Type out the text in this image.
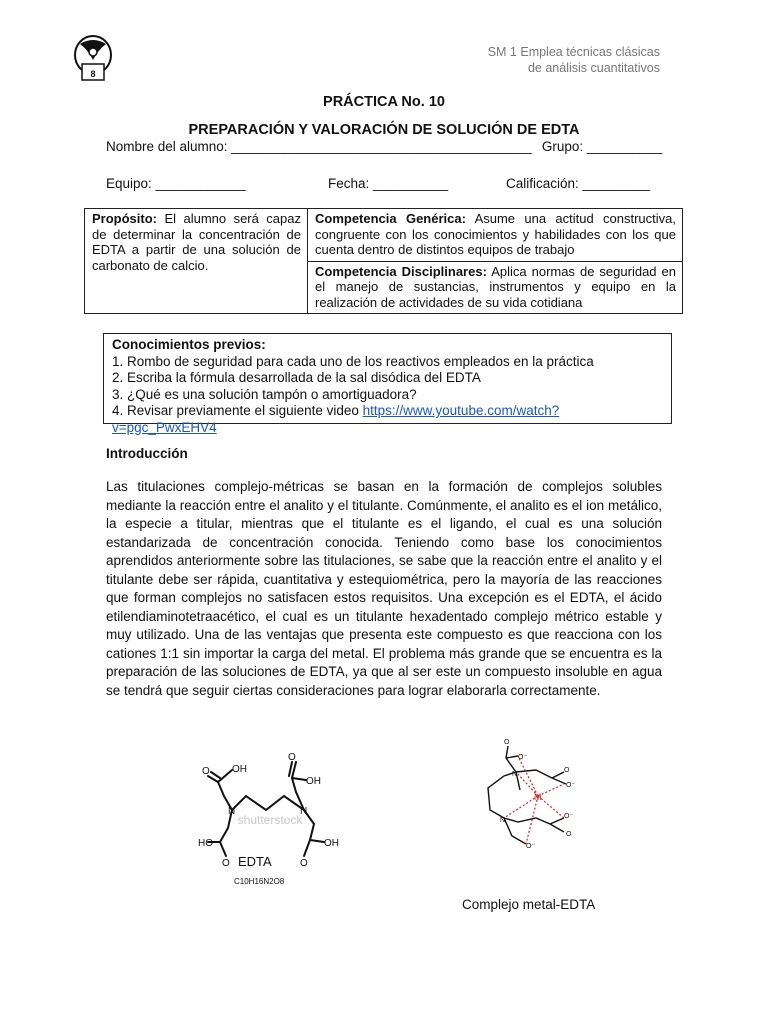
8
SM 1 Emplea técnicas clásicas
de análisis cuantitativos
PRÁCTICA No. 10
PREPARACIÓN Y VALORACIÓN DE SOLUCIÓN DE EDTA
Nombre del alumno: ________________________________________ Grupo: __________
Equipo: ____________	Fecha: __________	Calificación: _________
Propósito: El alumno será capaz de determinar la concentración de EDTA a partir de una solución de carbonato de calcio.	Competencia Genérica: Asume una actitud constructiva, congruente con los conocimientos y habilidades con los que cuenta dentro de distintos equipos de trabajo
Competencia Disciplinares: Aplica normas de seguridad en el manejo de sustancias, instrumentos y equipo en la realización de actividades de su vida cotidiana
Conocimientos previos:
1. Rombo de seguridad para cada uno de los reactivos empleados en la práctica
2. Escriba la fórmula desarrollada de la sal disódica del EDTA
3. ¿Qué es una solución tampón o amortiguadora?
4. Revisar previamente el siguiente video https://www.youtube.com/watch?v=pgc_PwxEHV4
Introducción
Las titulaciones complejo-métricas se basan en la formación de complejos solubles mediante la reacción entre el analito y el titulante. Comúnmente, el analito es el ion metálico, la especie a titular, mientras que el titulante es el ligando, el cual es una solución estandarizada de concentración conocida. Teniendo como base los conocimientos aprendidos anteriormente sobre las titulaciones, se sabe que la reacción entre el analito y el titulante debe ser rápida, cuantitativa y estequiométrica, pero la mayoría de las reacciones que forman complejos no satisfacen estos requisitos. Una excepción es el EDTA, el ácido etilendiaminotetraacético, el cual es un titulante hexadentado complejo métrico estable y muy utilizado. Una de las ventajas que presenta este compuesto es que reacciona con los cationes 1:1 sin importar la carga del metal. El problema más grande que se encuentra es la preparación de las soluciones de EDTA, ya que al ser este un compuesto insoluble en agua se tendrá que seguir ciertas consideraciones para lograr elaborarla correctamente.
O OH
O
OH
N	N
HO
O
OH
O
shutterstock
EDTA
C10H16N2O8
O
O⁻
N
N
O
O⁻
O⁻
O
O⁻
M
Complejo metal-EDTA
